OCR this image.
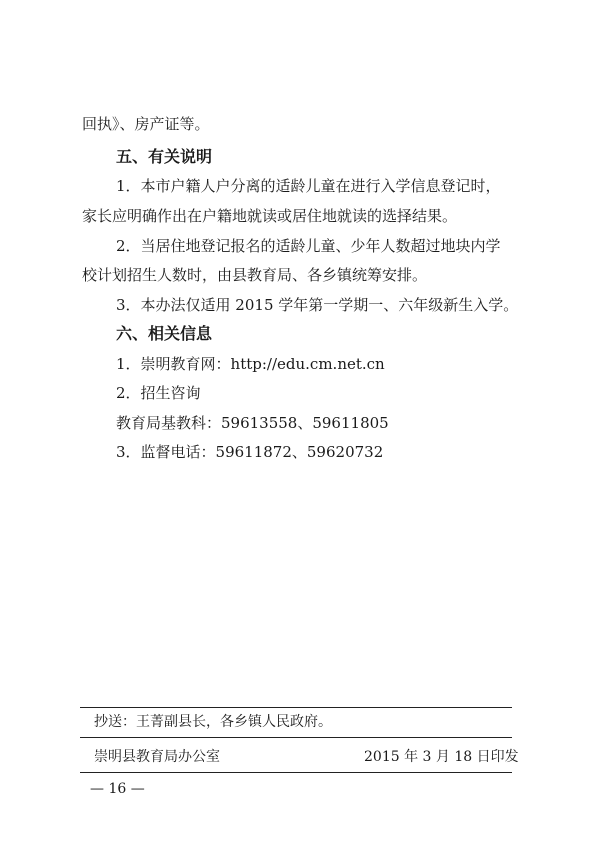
回执》、房产证等。
五、有关说明
1．本市户籍人户分离的适龄儿童在进行入学信息登记时，
家长应明确作出在户籍地就读或居住地就读的选择结果。
2．当居住地登记报名的适龄儿童、少年人数超过地块内学
校计划招生人数时，由县教育局、各乡镇统筹安排。
3．本办法仅适用 2015 学年第一学期一、六年级新生入学。
六、相关信息
1．崇明教育网：http://edu.cm.net.cn
2．招生咨询
教育局基教科：59613558、59611805
3．监督电话：59611872、59620732
抄送：王菁副县长，各乡镇人民政府。
崇明县教育局办公室	2015 年 3 月 18 日印发
— 16 —
